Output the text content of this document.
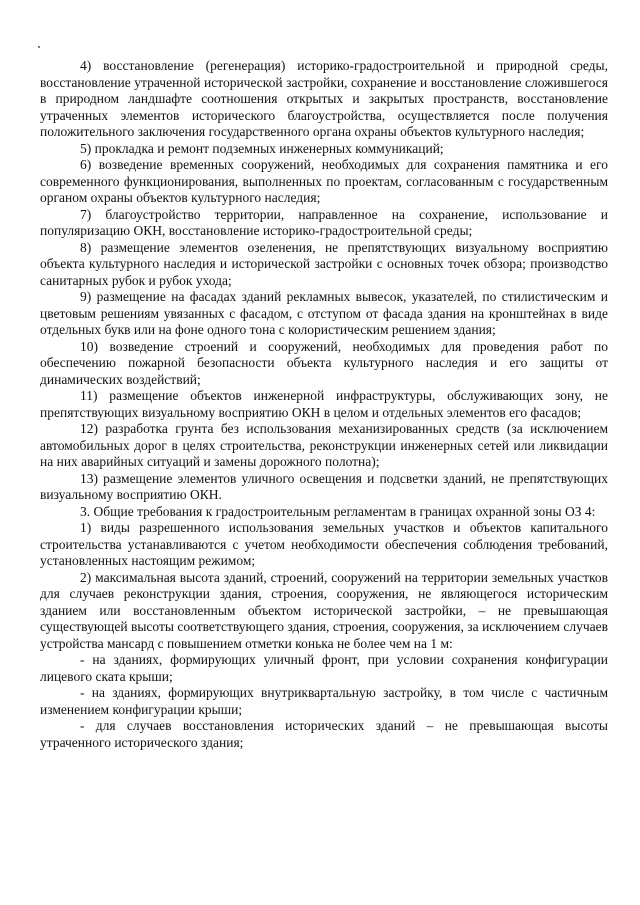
4) восстановление (регенерация) историко-градостроительной и природной среды, восстановление утраченной исторической застройки, сохранение и восстановление сложившегося в природном ландшафте соотношения открытых и закрытых пространств, восстановление утраченных элементов исторического благоустройства, осуществляется после получения положительного заключения государственного органа охраны объектов культурного наследия;

5) прокладка и ремонт подземных инженерных коммуникаций;

6) возведение временных сооружений, необходимых для сохранения памятника и его современного функционирования, выполненных по проектам, согласованным с государственным органом охраны объектов культурного наследия;

7) благоустройство территории, направленное на сохранение, использование и популяризацию ОКН, восстановление историко-градостроительной среды;

8) размещение элементов озеленения, не препятствующих визуальному восприятию объекта культурного наследия и исторической застройки с основных точек обзора; производство санитарных рубок и рубок ухода;

9) размещение на фасадах зданий рекламных вывесок, указателей, по стилистическим и цветовым решениям увязанных с фасадом, с отступом от фасада здания на кронштейнах в виде отдельных букв или на фоне одного тона с колористическим решением здания;

10) возведение строений и сооружений, необходимых для проведения работ по обеспечению пожарной безопасности объекта культурного наследия и его защиты от динамических воздействий;

11) размещение объектов инженерной инфраструктуры, обслуживающих зону, не препятствующих визуальному восприятию ОКН в целом и отдельных элементов его фасадов;

12) разработка грунта без использования механизированных средств (за исключением автомобильных дорог в целях строительства, реконструкции инженерных сетей или ликвидации на них аварийных ситуаций и замены дорожного полотна);

13) размещение элементов уличного освещения и подсветки зданий, не препятствующих визуальному восприятию ОКН.

3. Общие требования к градостроительным регламентам в границах охранной зоны ОЗ 4:

1) виды разрешенного использования земельных участков и объектов капитального строительства устанавливаются с учетом необходимости обеспечения соблюдения требований, установленных настоящим режимом;

2) максимальная высота зданий, строений, сооружений на территории земельных участков для случаев реконструкции здания, строения, сооружения, не являющегося историческим зданием или восстановленным объектом исторической застройки, – не превышающая существующей высоты соответствующего здания, строения, сооружения, за исключением случаев устройства мансард с повышением отметки конька не более чем на 1 м:

- на зданиях, формирующих уличный фронт, при условии сохранения конфигурации лицевого ската крыши;

- на зданиях, формирующих внутриквартальную застройку, в том числе с частичным изменением конфигурации крыши;

- для случаев восстановления исторических зданий – не превышающая высоты утраченного исторического здания;
